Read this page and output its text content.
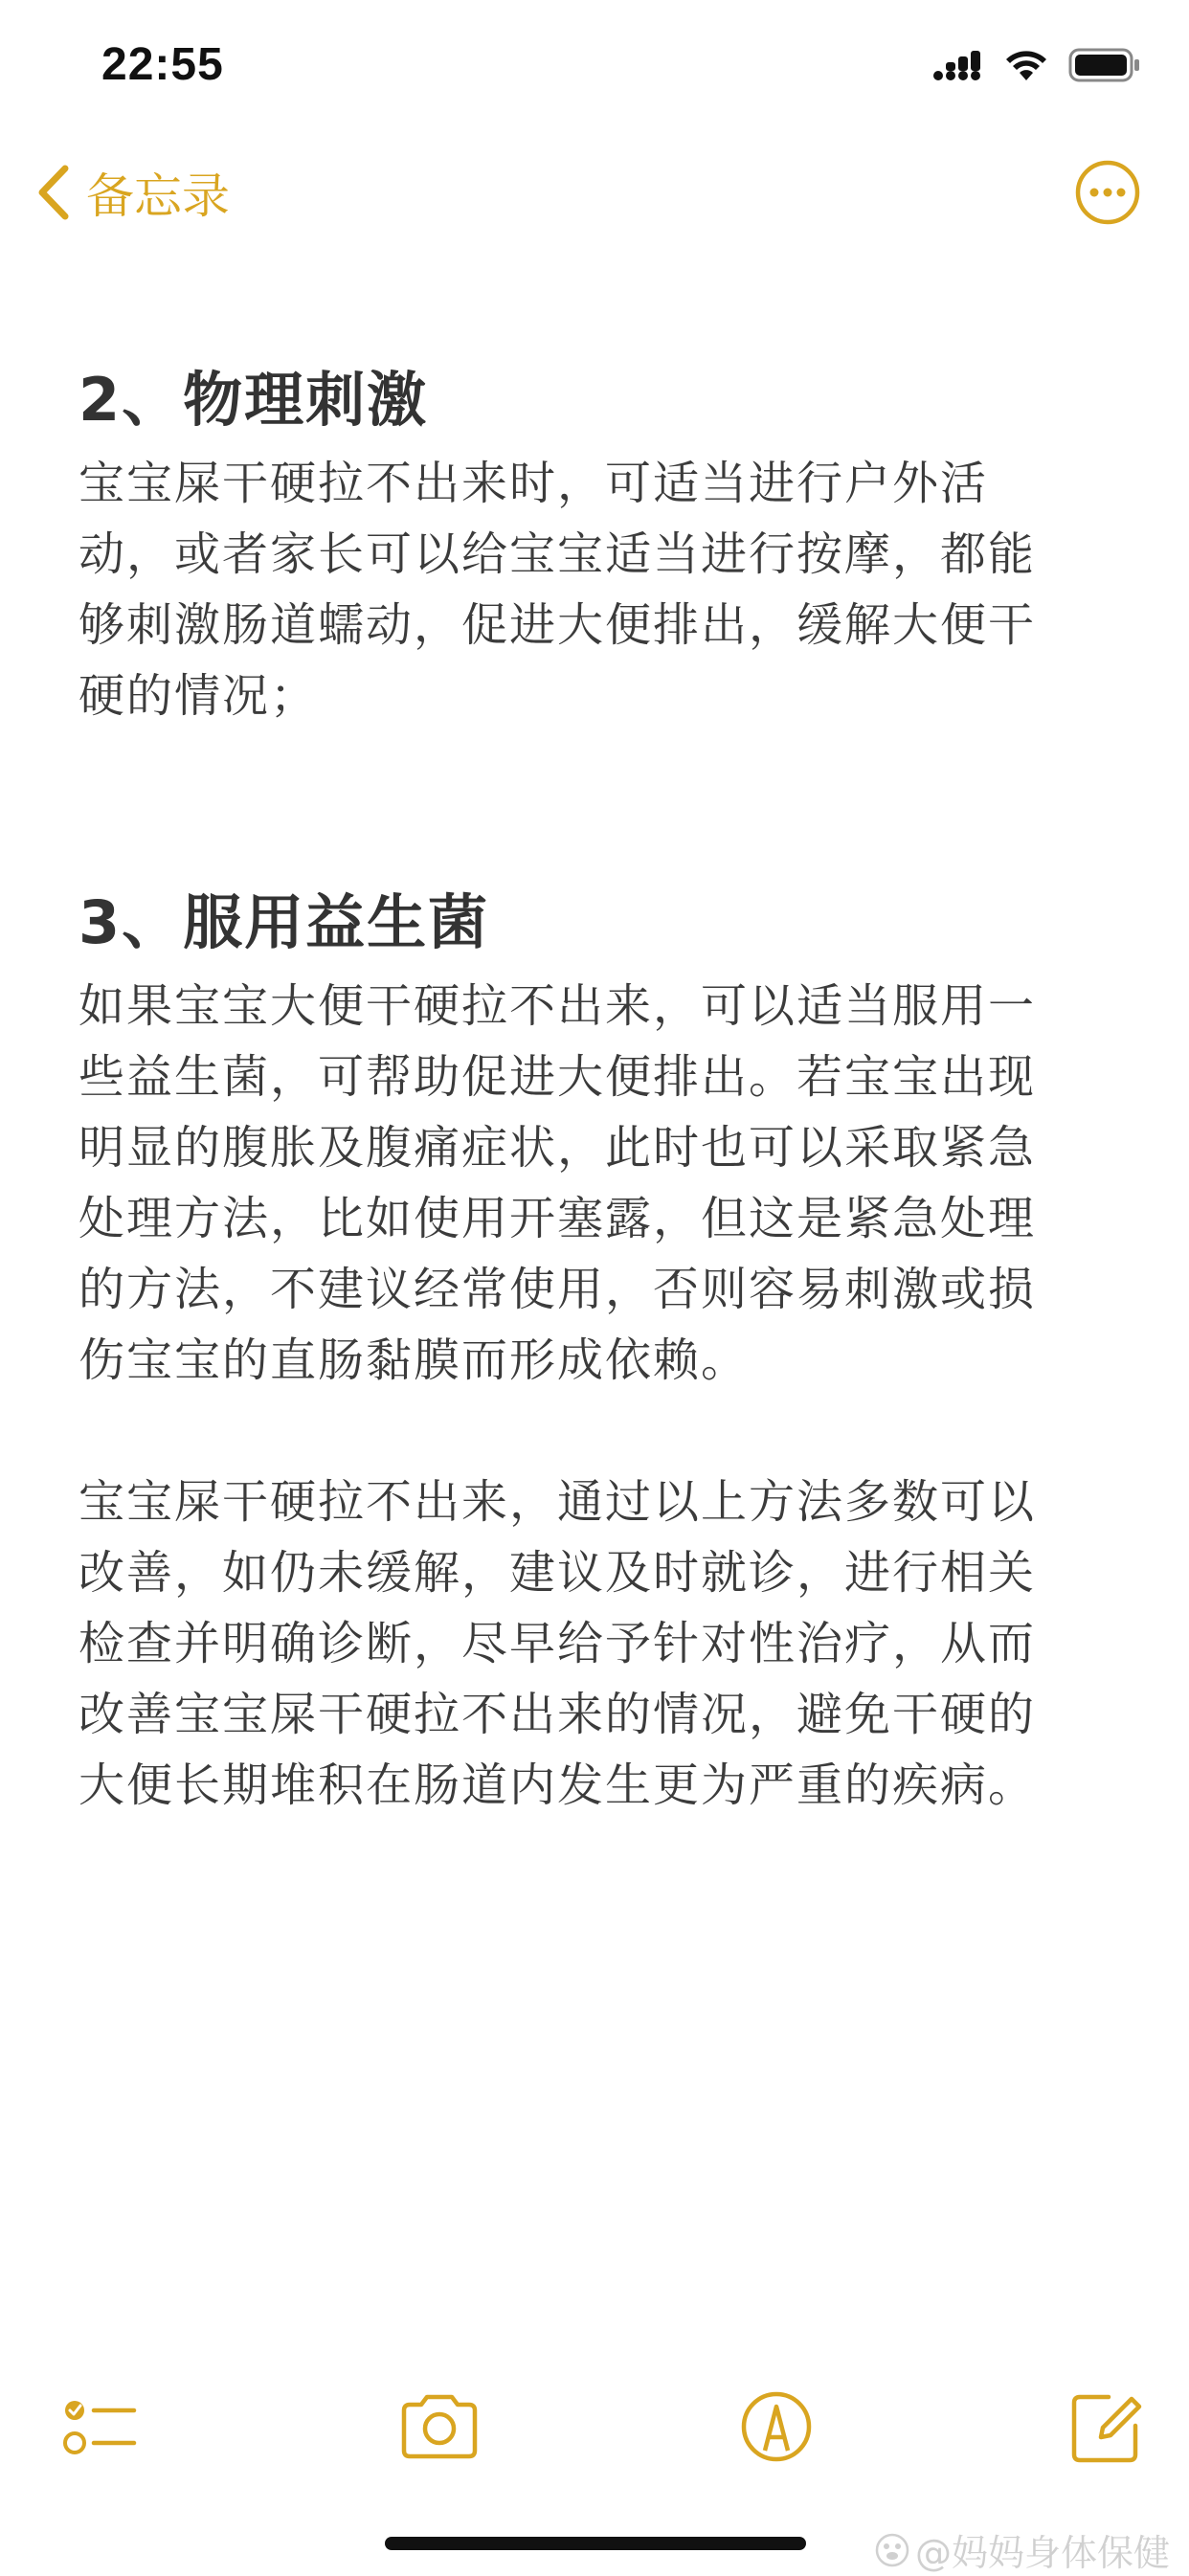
22:55
备忘录
2、物理刺激
宝宝屎干硬拉不出来时，可适当进行户外活
动，或者家长可以给宝宝适当进行按摩，都能
够刺激肠道蠕动，促进大便排出，缓解大便干
硬的情况；
3、服用益生菌
如果宝宝大便干硬拉不出来，可以适当服用一
些益生菌，可帮助促进大便排出。若宝宝出现
明显的腹胀及腹痛症状，此时也可以采取紧急
处理方法，比如使用开塞露，但这是紧急处理
的方法，不建议经常使用，否则容易刺激或损
伤宝宝的直肠黏膜而形成依赖。
宝宝屎干硬拉不出来，通过以上方法多数可以
改善，如仍未缓解，建议及时就诊，进行相关
检查并明确诊断，尽早给予针对性治疗，从而
改善宝宝屎干硬拉不出来的情况，避免干硬的
大便长期堆积在肠道内发生更为严重的疾病。
@妈妈身体保健
